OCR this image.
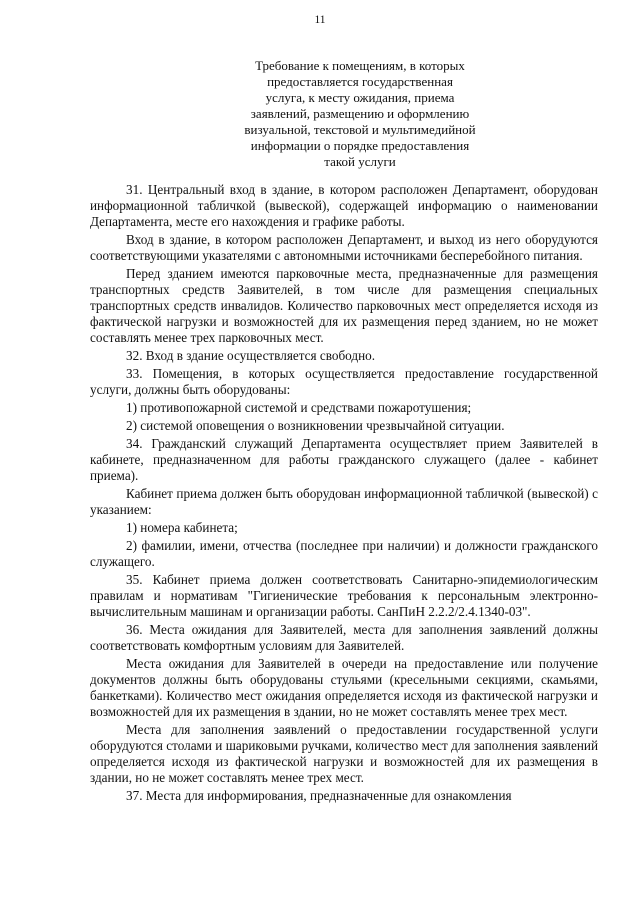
11
Требование к помещениям, в которых
предоставляется государственная
услуга, к месту ожидания, приема
заявлений, размещению и оформлению
визуальной, текстовой и мультимедийной
информации о порядке предоставления
такой услуги

31. Центральный вход в здание, в котором расположен Департамент, оборудован информационной табличкой (вывеской), содержащей информацию о наименовании Департамента, месте его нахождения и графике работы.

Вход в здание, в котором расположен Департамент, и выход из него оборудуются соответствующими указателями с автономными источниками бесперебойного питания.

Перед зданием имеются парковочные места, предназначенные для размещения транспортных средств Заявителей, в том числе для размещения специальных транспортных средств инвалидов. Количество парковочных мест определяется исходя из фактической нагрузки и возможностей для их размещения перед зданием, но не может составлять менее трех парковочных мест.

32. Вход в здание осуществляется свободно.

33. Помещения, в которых осуществляется предоставление государственной услуги, должны быть оборудованы:

1) противопожарной системой и средствами пожаротушения;

2) системой оповещения о возникновении чрезвычайной ситуации.

34. Гражданский служащий Департамента осуществляет прием Заявителей в кабинете, предназначенном для работы гражданского служащего (далее - кабинет приема).

Кабинет приема должен быть оборудован информационной табличкой (вывеской) с указанием:

1) номера кабинета;

2) фамилии, имени, отчества (последнее при наличии) и должности гражданского служащего.

35. Кабинет приема должен соответствовать Санитарно-эпидемиологическим правилам и нормативам "Гигиенические требования к персональным электронно-вычислительным машинам и организации работы. СанПиН 2.2.2/2.4.1340-03".

36. Места ожидания для Заявителей, места для заполнения заявлений должны соответствовать комфортным условиям для Заявителей.

Места ожидания для Заявителей в очереди на предоставление или получение документов должны быть оборудованы стульями (кресельными секциями, скамьями, банкетками). Количество мест ожидания определяется исходя из фактической нагрузки и возможностей для их размещения в здании, но не может составлять менее трех мест.

Места для заполнения заявлений о предоставлении государственной услуги оборудуются столами и шариковыми ручками, количество мест для заполнения заявлений определяется исходя из фактической нагрузки и возможностей для их размещения в здании, но не может составлять менее трех мест.

37. Места для информирования, предназначенные для ознакомления
